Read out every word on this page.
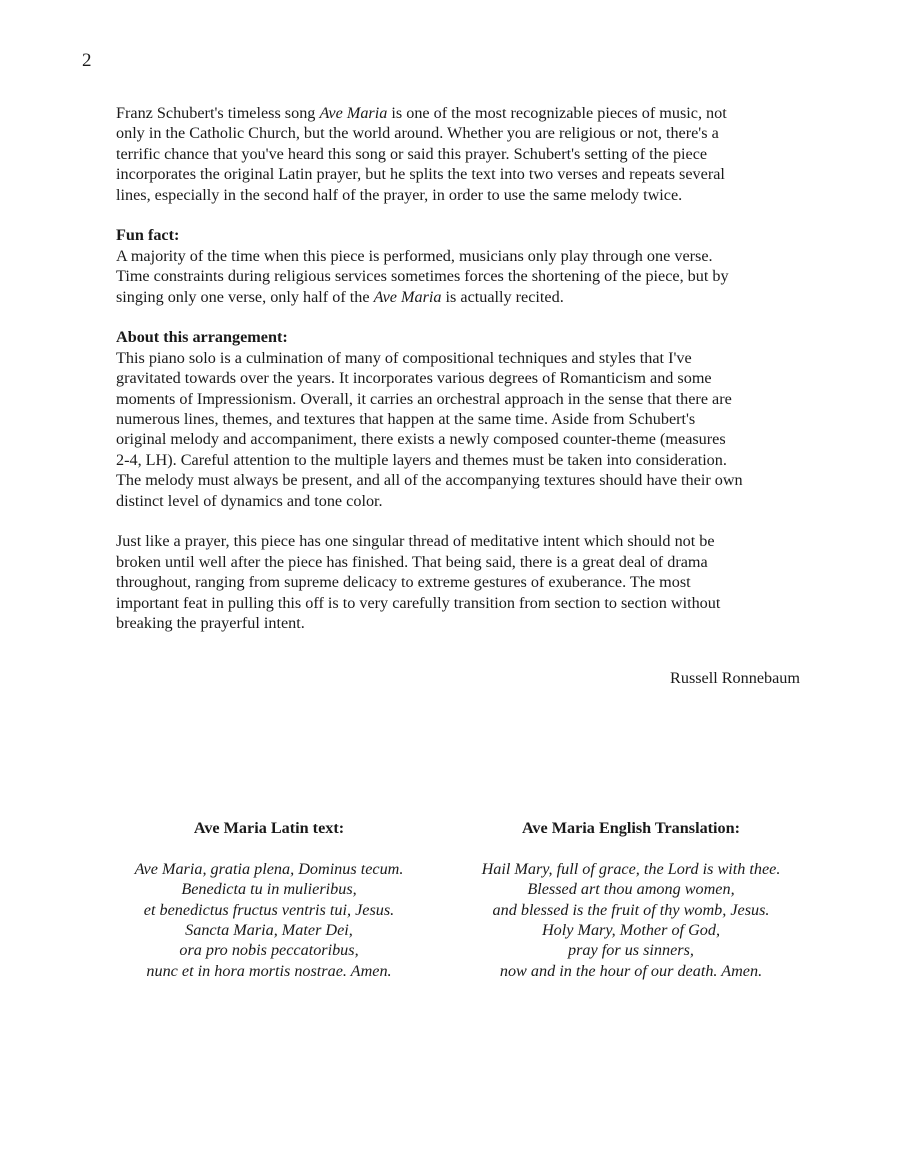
2

Franz Schubert's timeless song Ave Maria is one of the most recognizable pieces of music, not
only in the Catholic Church, but the world around. Whether you are religious or not, there's a
terrific chance that you've heard this song or said this prayer. Schubert's setting of the piece
incorporates the original Latin prayer, but he splits the text into two verses and repeats several
lines, especially in the second half of the prayer, in order to use the same melody twice.

Fun fact:
A majority of the time when this piece is performed, musicians only play through one verse.
Time constraints during religious services sometimes forces the shortening of the piece, but by
singing only one verse, only half of the Ave Maria is actually recited.

About this arrangement:
This piano solo is a culmination of many of compositional techniques and styles that I've
gravitated towards over the years. It incorporates various degrees of Romanticism and some
moments of Impressionism. Overall, it carries an orchestral approach in the sense that there are
numerous lines, themes, and textures that happen at the same time. Aside from Schubert's
original melody and accompaniment, there exists a newly composed counter-theme (measures
2-4, LH). Careful attention to the multiple layers and themes must be taken into consideration.
The melody must always be present, and all of the accompanying textures should have their own
distinct level of dynamics and tone color.

Just like a prayer, this piece has one singular thread of meditative intent which should not be
broken until well after the piece has finished. That being said, there is a great deal of drama
throughout, ranging from supreme delicacy to extreme gestures of exuberance. The most
important feat in pulling this off is to very carefully transition from section to section without
breaking the prayerful intent.

Russell Ronnebaum
Ave Maria Latin text:
Ave Maria, gratia plena, Dominus tecum.
Benedicta tu in mulieribus,
et benedictus fructus ventris tui, Jesus.
Sancta Maria, Mater Dei,
ora pro nobis peccatoribus,
nunc et in hora mortis nostrae. Amen.
Ave Maria English Translation:
Hail Mary, full of grace, the Lord is with thee.
Blessed art thou among women,
and blessed is the fruit of thy womb, Jesus.
Holy Mary, Mother of God,
pray for us sinners,
now and in the hour of our death. Amen.
